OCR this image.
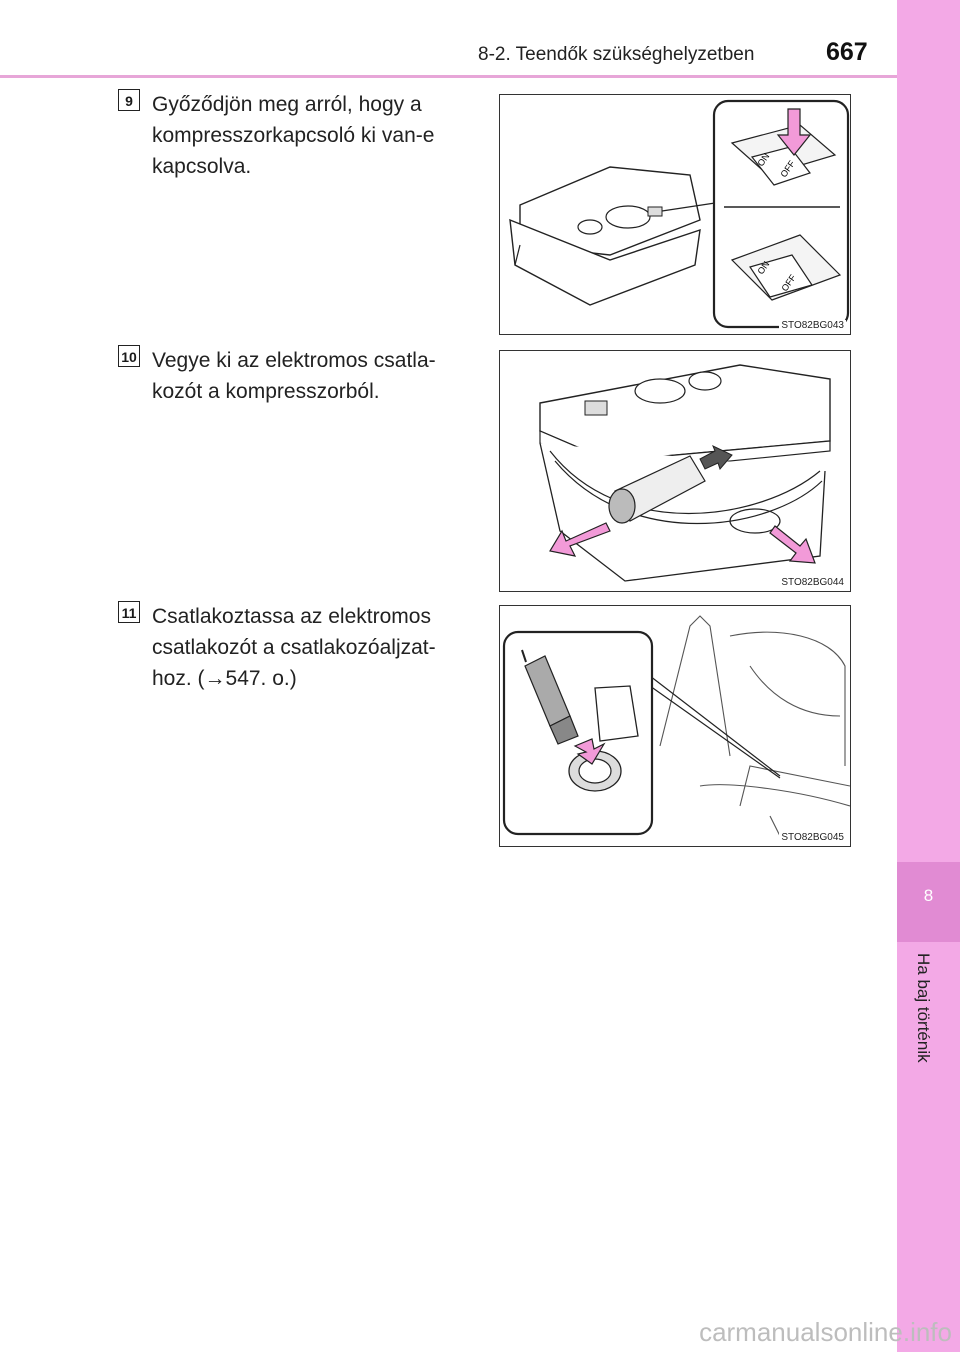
8-2. Teendők szükséghelyzetben	667
8
Ha baj történik
9 Győződjön meg arról, hogy a kompresszorkapcsoló ki van-e kapcsolva.	ON OFF
ON
OFF
STO82BG043
10 Vegye ki az elektromos csatla-kozót a kompresszorból.
STO82BG044
11 Csatlakoztassa az elektromos csatlakozót a csatlakozóaljzat-hoz. (→547. o.)
STO82BG045
carmanualsonline.info
